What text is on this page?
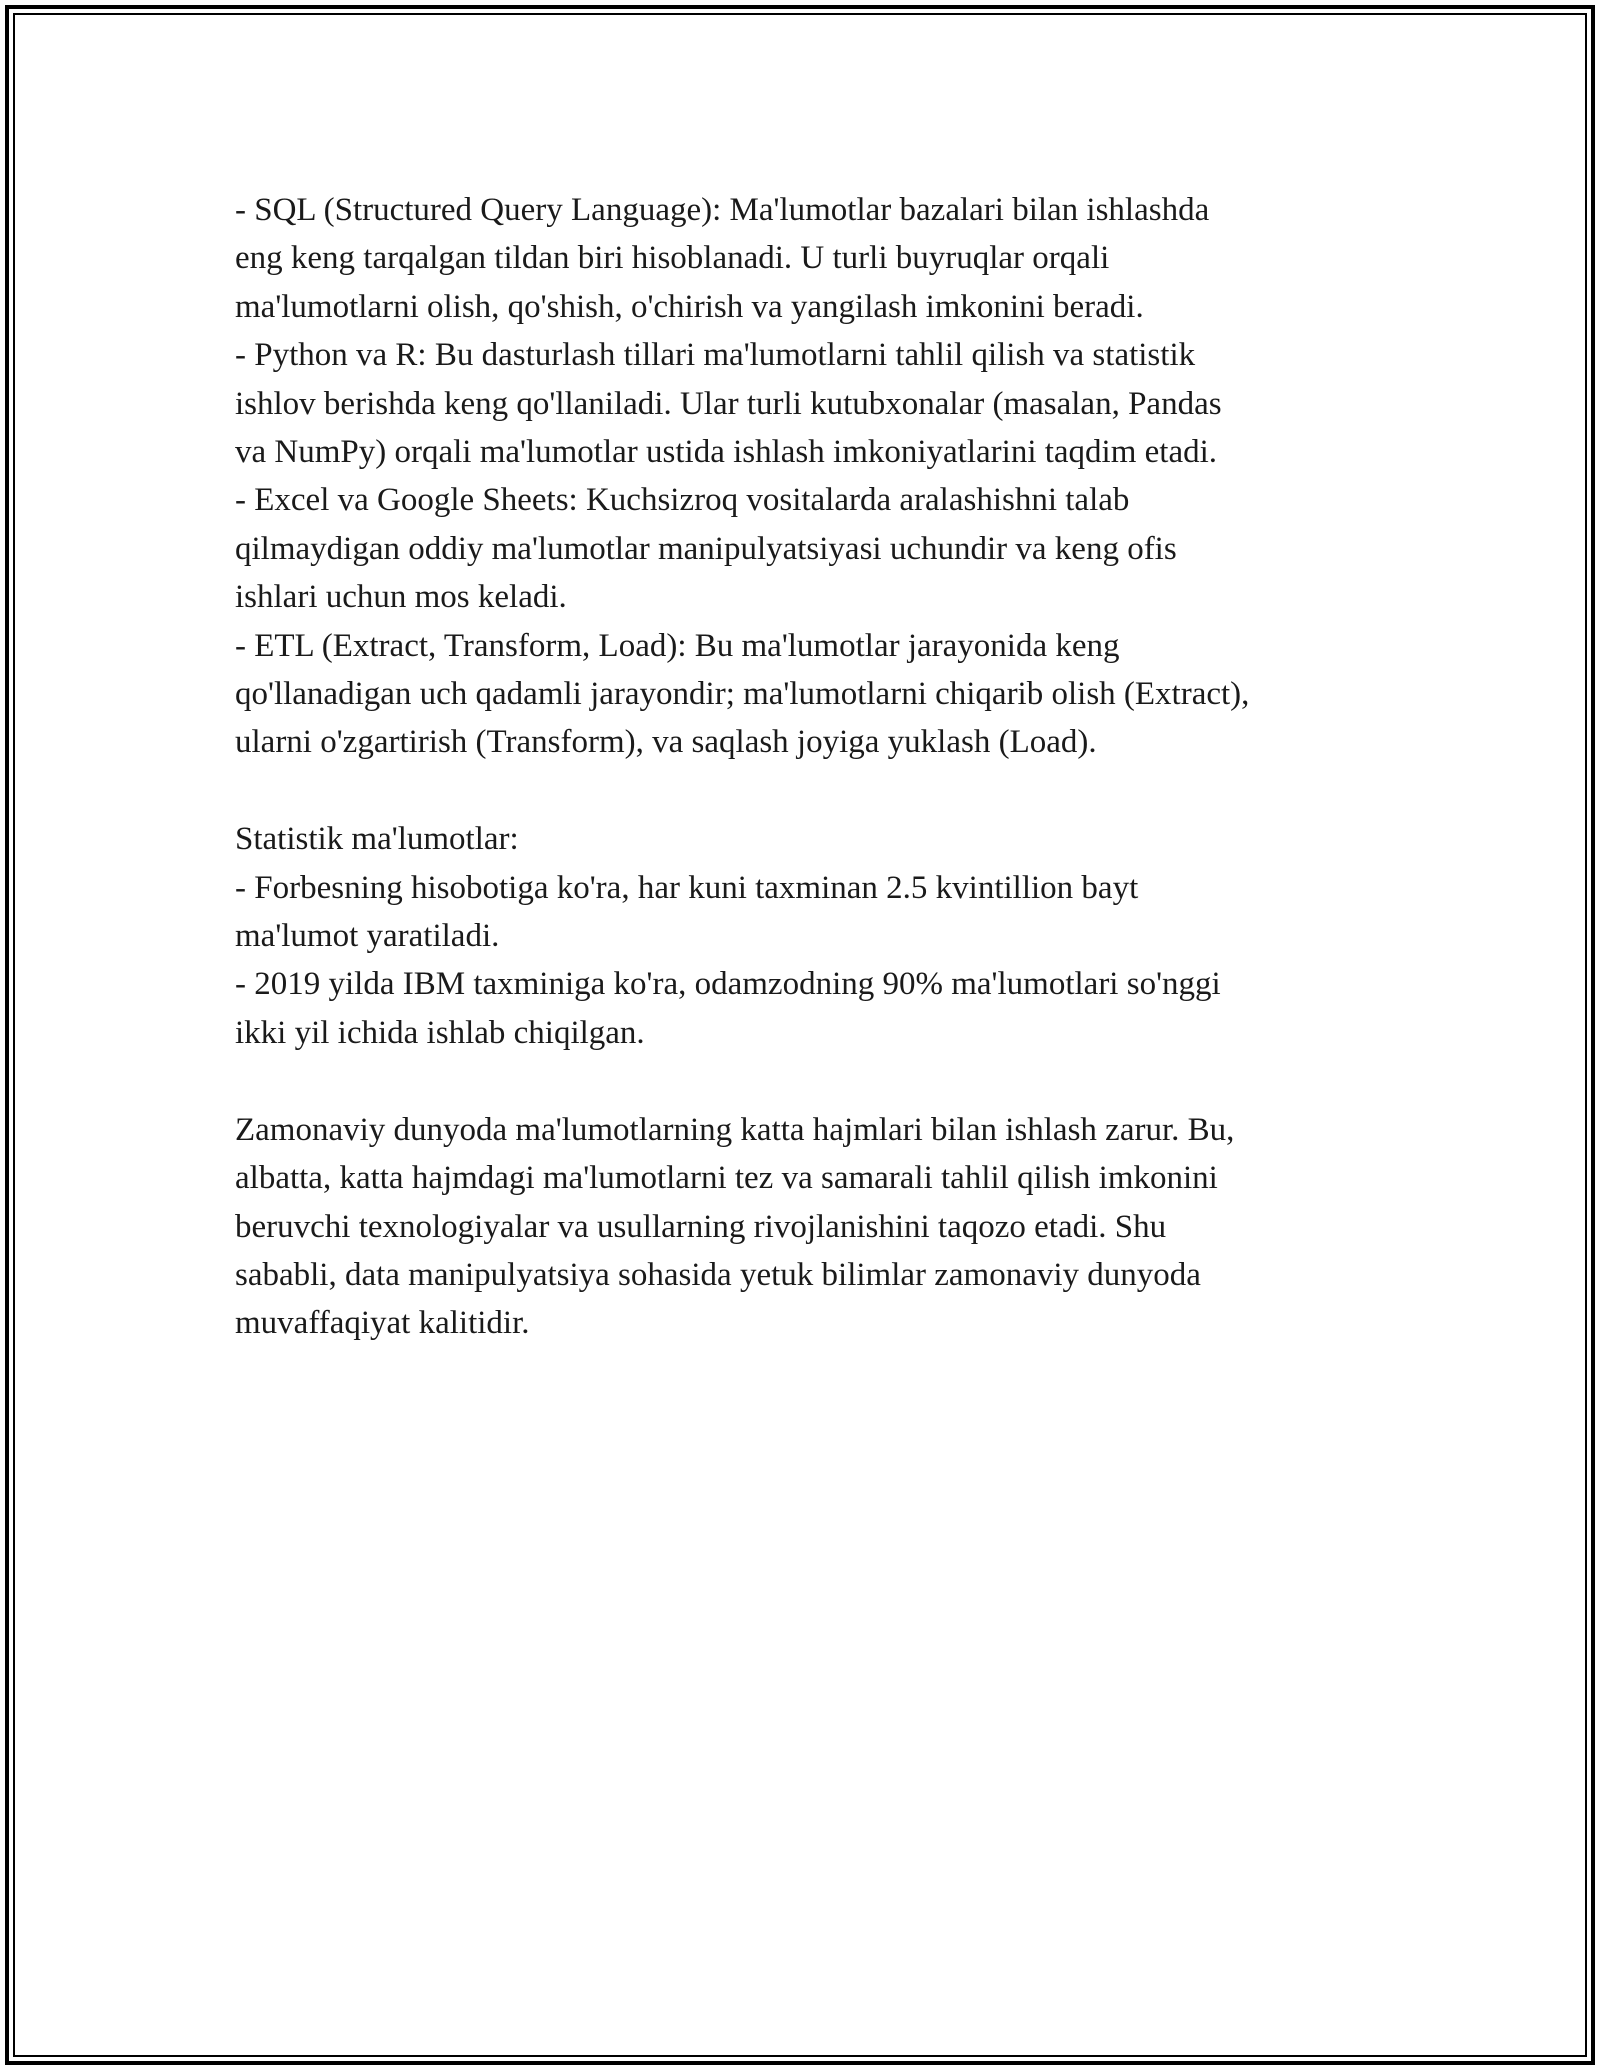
- SQL (Structured Query Language): Ma'lumotlar bazalari bilan ishlashda
eng keng tarqalgan tildan biri hisoblanadi. U turli buyruqlar orqali
ma'lumotlarni olish, qo'shish, o'chirish va yangilash imkonini beradi.

- Python va R: Bu dasturlash tillari ma'lumotlarni tahlil qilish va statistik
ishlov berishda keng qo'llaniladi. Ular turli kutubxonalar (masalan, Pandas
va NumPy) orqali ma'lumotlar ustida ishlash imkoniyatlarini taqdim etadi.

- Excel va Google Sheets: Kuchsizroq vositalarda aralashishni talab
qilmaydigan oddiy ma'lumotlar manipulyatsiyasi uchundir va keng ofis
ishlari uchun mos keladi.

- ETL (Extract, Transform, Load): Bu ma'lumotlar jarayonida keng
qo'llanadigan uch qadamli jarayondir; ma'lumotlarni chiqarib olish (Extract),
ularni o'zgartirish (Transform), va saqlash joyiga yuklash (Load).

Statistik ma'lumotlar:

- Forbesning hisobotiga ko'ra, har kuni taxminan 2.5 kvintillion bayt
ma'lumot yaratiladi.

- 2019 yilda IBM taxminiga ko'ra, odamzodning 90% ma'lumotlari so'nggi
ikki yil ichida ishlab chiqilgan.

Zamonaviy dunyoda ma'lumotlarning katta hajmlari bilan ishlash zarur. Bu,
albatta, katta hajmdagi ma'lumotlarni tez va samarali tahlil qilish imkonini
beruvchi texnologiyalar va usullarning rivojlanishini taqozo etadi. Shu
sababli, data manipulyatsiya sohasida yetuk bilimlar zamonaviy dunyoda
muvaffaqiyat kalitidir.
